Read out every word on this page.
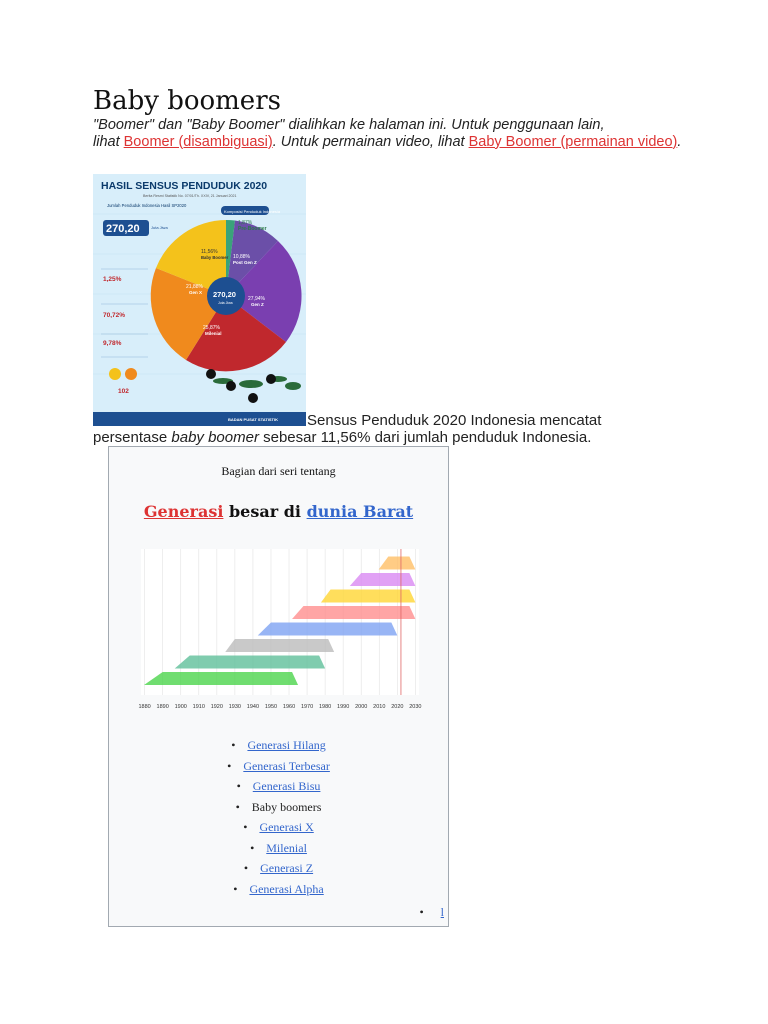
Baby boomers
"Boomer" dan "Baby Boomer" dialihkan ke halaman ini. Untuk penggunaan lain,
lihat Boomer (disambiguasi). Untuk permainan video, lihat Baby Boomer (permainan video).
HASIL SENSUS PENDUDUK 2020
Berita Resmi Statistik No. 07/01/Th. XXIV, 21 Januari 2021
Jumlah Penduduk Indonesia Hasil SP2020
270,20	Juta Jiwa
Komposisi Penduduk Indonesia
270,20
Juta Jiwa
1,87%
Pre-Boomer
10,88%
Post Gen Z
27,94%
Gen Z
25,87%
Milenial
21,88%
Gen X
11,56%
Baby Boomer
1,25%
70,72%
9,78%
102
BADAN PUSAT STATISTIK Sensus Penduduk 2020 Indonesia mencatat
persentase baby boomer sebesar 11,56% dari jumlah penduduk Indonesia.
Bagian dari seri tentang
Generasi besar di dunia Barat
1880 1890 1900 1910 1920 1930 1940 1950 1960 1970 1980 1990 2000 2010 2020 2030
• Generasi Hilang
• Generasi Terbesar
• Generasi Bisu
• Baby boomers
• Generasi X
• Milenial
• Generasi Z
• Generasi Alpha
• l
